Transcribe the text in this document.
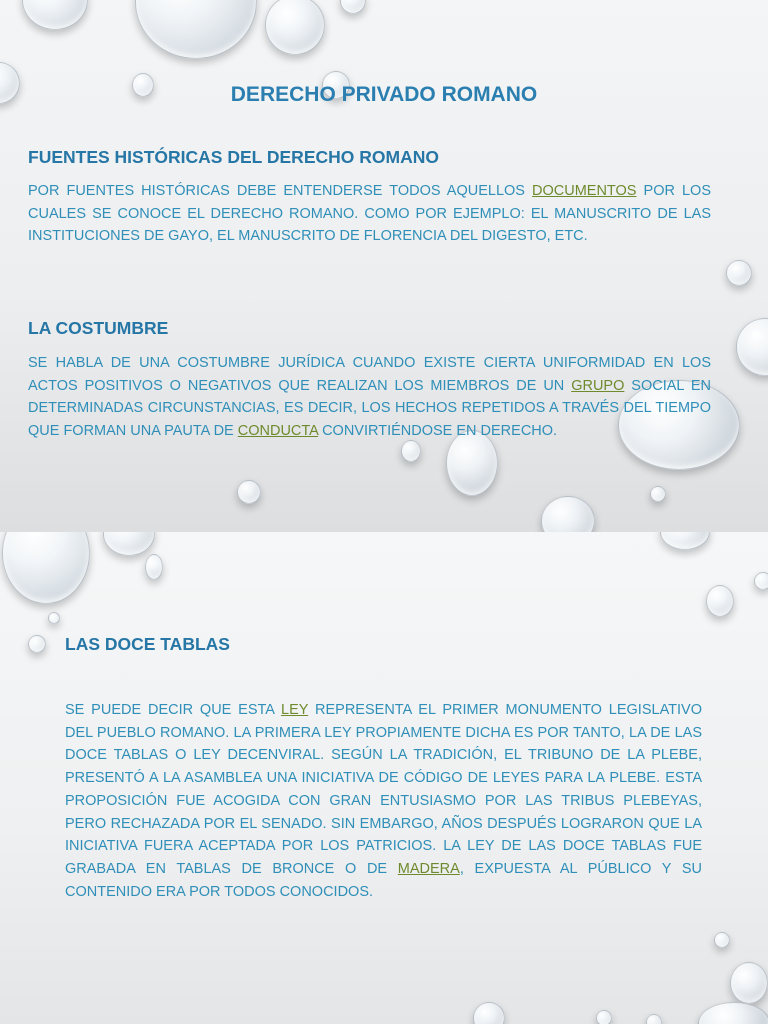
DERECHO PRIVADO ROMANO
FUENTES HISTÓRICAS DEL DERECHO ROMANO

POR FUENTES HISTÓRICAS DEBE ENTENDERSE TODOS AQUELLOS DOCUMENTOS POR LOS CUALES SE CONOCE EL DERECHO ROMANO. COMO POR EJEMPLO: EL MANUSCRITO DE LAS INSTITUCIONES DE GAYO, EL MANUSCRITO DE FLORENCIA DEL DIGESTO, ETC.

LA COSTUMBRE

SE HABLA DE UNA COSTUMBRE JURÍDICA CUANDO EXISTE CIERTA UNIFORMIDAD EN LOS ACTOS POSITIVOS O NEGATIVOS QUE REALIZAN LOS MIEMBROS DE UN GRUPO SOCIAL EN DETERMINADAS CIRCUNSTANCIAS, ES DECIR, LOS HECHOS REPETIDOS A TRAVÉS DEL TIEMPO QUE FORMAN UNA PAUTA DE CONDUCTA CONVIRTIÉNDOSE EN DERECHO.

LAS DOCE TABLAS

SE PUEDE DECIR QUE ESTA LEY REPRESENTA EL PRIMER MONUMENTO LEGISLATIVO DEL PUEBLO ROMANO. LA PRIMERA LEY PROPIAMENTE DICHA ES POR TANTO, LA DE LAS DOCE TABLAS O LEY DECENVIRAL. SEGÚN LA TRADICIÓN, EL TRIBUNO DE LA PLEBE, PRESENTÓ A LA ASAMBLEA UNA INICIATIVA DE CÓDIGO DE LEYES PARA LA PLEBE. ESTA PROPOSICIÓN FUE ACOGIDA CON GRAN ENTUSIASMO POR LAS TRIBUS PLEBEYAS, PERO RECHAZADA POR EL SENADO. SIN EMBARGO, AÑOS DESPUÉS LOGRARON QUE LA INICIATIVA FUERA ACEPTADA POR LOS PATRICIOS. LA LEY DE LAS DOCE TABLAS FUE GRABADA EN TABLAS DE BRONCE O DE MADERA, EXPUESTA AL PÚBLICO Y SU CONTENIDO ERA POR TODOS CONOCIDOS.
